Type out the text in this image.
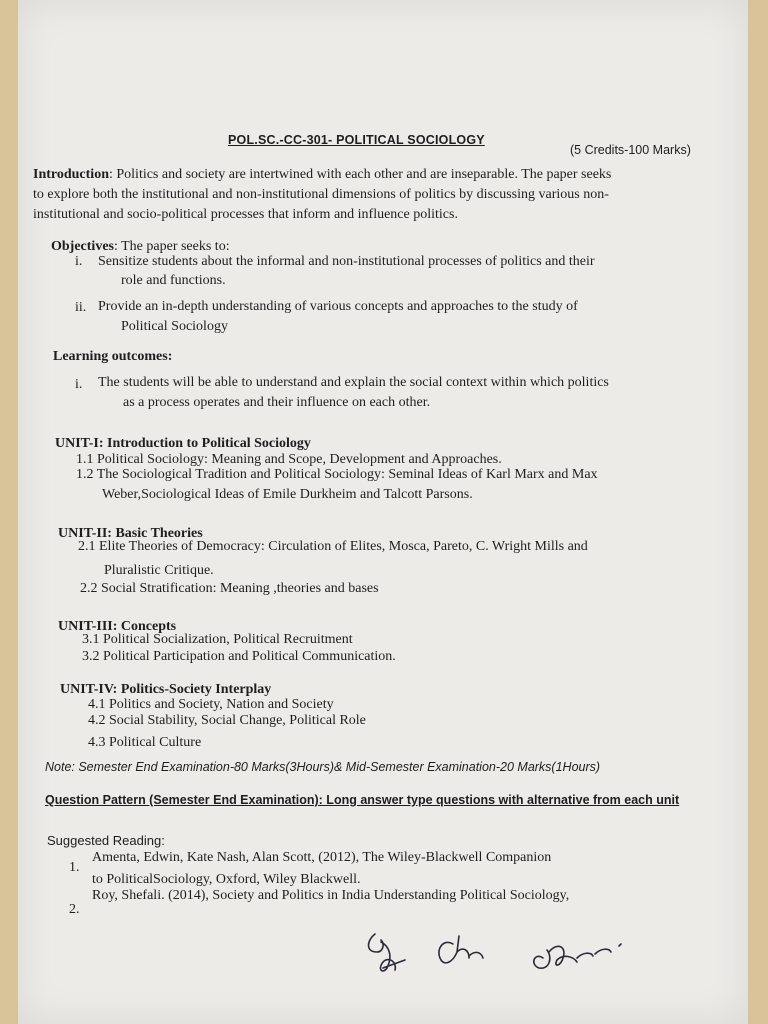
POL.SC.-CC-301- POLITICAL SOCIOLOGY
(5 Credits-100 Marks)
Introduction: Politics and society are intertwined with each other and are inseparable. The paper seeks
to explore both the institutional and non-institutional dimensions of politics by discussing various non-
institutional and socio-political processes that inform and influence politics.
Objectives: The paper seeks to:
i. Sensitize students about the informal and non-institutional processes of politics and their
role and functions.
ii. Provide an in-depth understanding of various concepts and approaches to the study of
Political Sociology
Learning outcomes:
i. The students will be able to understand and explain the social context within which politics
as a process operates and their influence on each other.
UNIT-I: Introduction to Political Sociology
1.1 Political Sociology: Meaning and Scope, Development and Approaches.
1.2 The Sociological Tradition and Political Sociology: Seminal Ideas of Karl Marx and Max
Weber,Sociological Ideas of Emile Durkheim and Talcott Parsons.
UNIT-II: Basic Theories
2.1 Elite Theories of Democracy: Circulation of Elites, Mosca, Pareto, C. Wright Mills and
Pluralistic Critique.
2.2 Social Stratification: Meaning ,theories and bases
UNIT-III: Concepts
3.1 Political Socialization, Political Recruitment
3.2 Political Participation and Political Communication.
UNIT-IV: Politics-Society Interplay
4.1 Politics and Society, Nation and Society
4.2 Social Stability, Social Change, Political Role
4.3 Political Culture
Note: Semester End Examination-80 Marks(3Hours)& Mid-Semester Examination-20 Marks(1Hours)
Question Pattern (Semester End Examination): Long answer type questions with alternative from each unit
Suggested Reading:
1.
Amenta, Edwin, Kate Nash, Alan Scott, (2012), The Wiley-Blackwell Companion
to PoliticalSociology, Oxford, Wiley Blackwell.
2.
Roy, Shefali. (2014), Society and Politics in India Understanding Political Sociology,
